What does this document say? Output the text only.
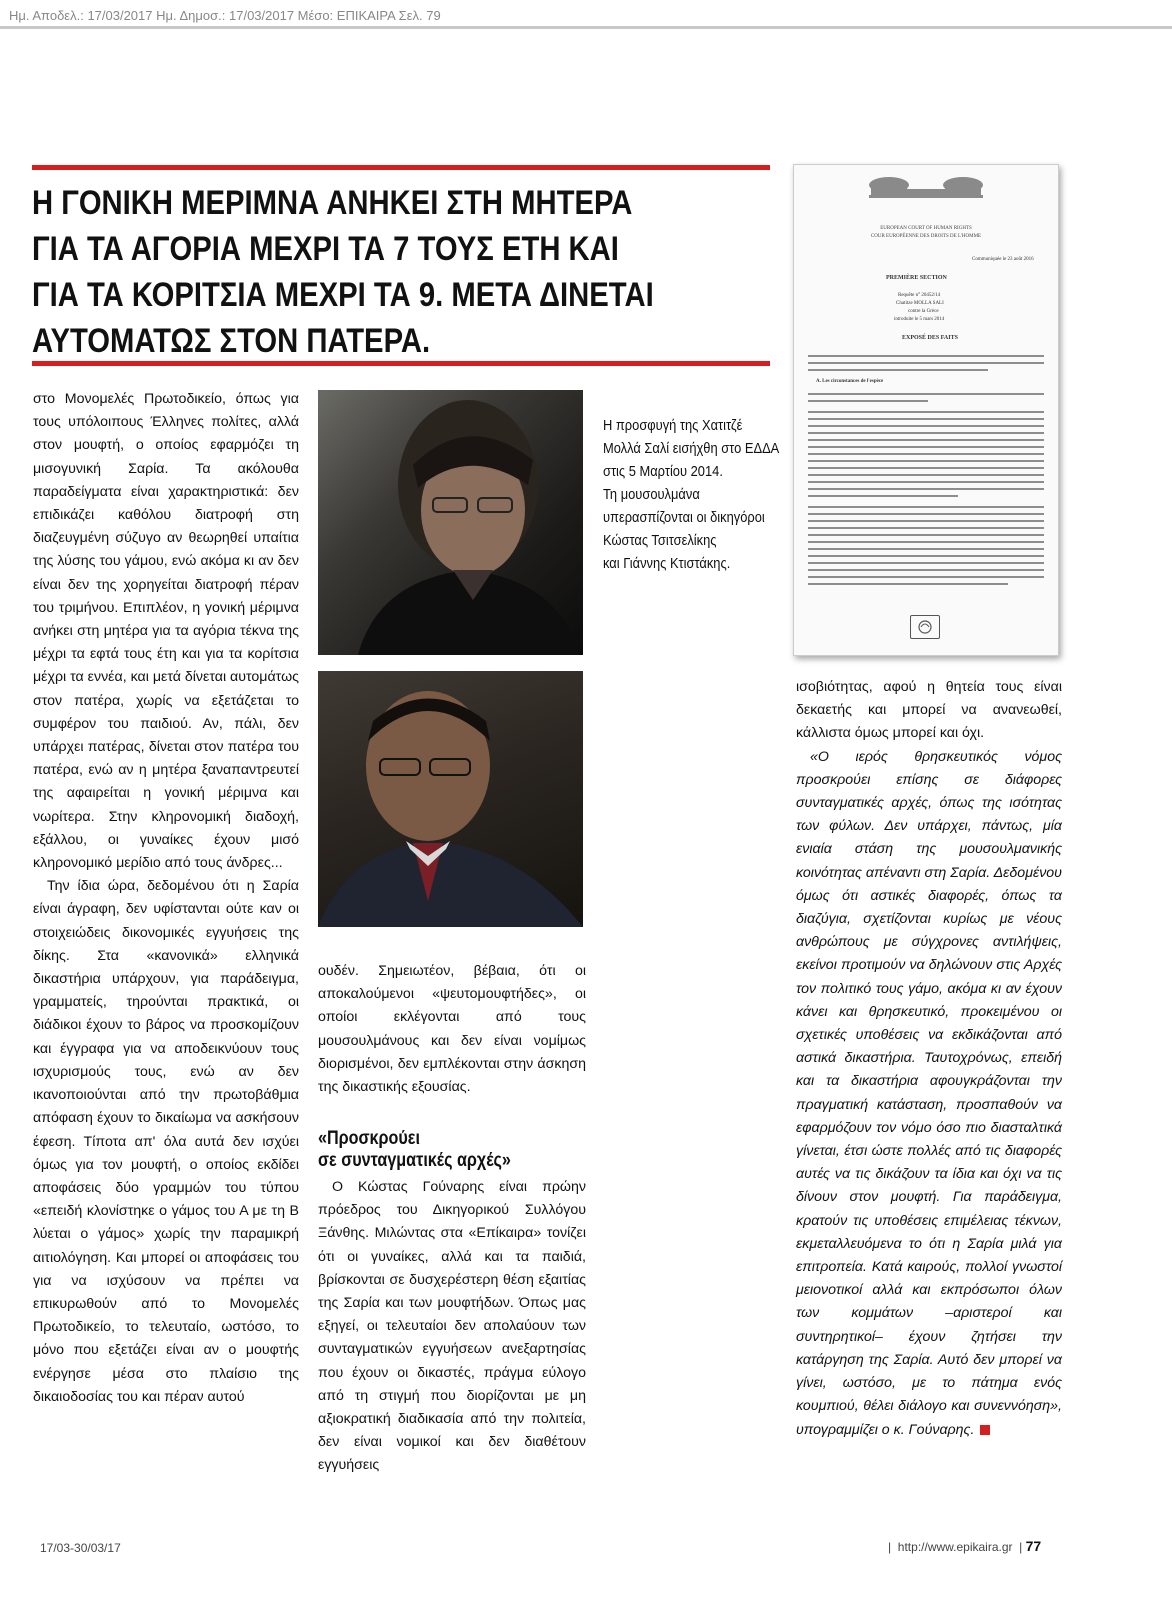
Ημ. Αποδελ.: 17/03/2017 Ημ. Δημοσ.: 17/03/2017 Μέσο: ΕΠΙΚΑΙΡΑ Σελ. 79
Η ΓΟΝΙΚΗ ΜΕΡΙΜΝΑ ΑΝΗΚΕΙ ΣΤΗ ΜΗΤΕΡΑ
ΓΙΑ ΤΑ ΑΓΟΡΙΑ ΜΕΧΡΙ ΤΑ 7 ΤΟΥΣ ΕΤΗ ΚΑΙ
ΓΙΑ ΤΑ ΚΟΡΙΤΣΙΑ ΜΕΧΡΙ ΤΑ 9. ΜΕΤΑ ΔΙΝΕΤΑΙ
ΑΥΤΟΜΑΤΩΣ ΣΤΟΝ ΠΑΤΕΡΑ.

στο Μονομελές Πρωτοδικείο, όπως για τους υπόλοιπους Έλληνες πολίτες, αλλά στον μουφτή, ο οποίος εφαρμόζει τη μισογυνική Σαρία. Τα ακόλουθα παραδείγματα είναι χαρακτηριστικά: δεν επιδικάζει καθόλου διατροφή στη διαζευγμένη σύζυγο αν θεωρηθεί υπαίτια της λύσης του γάμου, ενώ ακόμα κι αν δεν είναι δεν της χορηγείται διατροφή πέραν του τριμήνου. Επιπλέον, η γονική μέριμνα ανήκει στη μητέρα για τα αγόρια τέκνα της μέχρι τα εφτά τους έτη και για τα κορίτσια μέχρι τα εννέα, και μετά δίνεται αυτομάτως στον πατέρα, χωρίς να εξετάζεται το συμφέρον του παιδιού. Αν, πάλι, δεν υπάρχει πατέρας, δίνεται στον πατέρα του πατέρα, ενώ αν η μητέρα ξαναπαντρευτεί της αφαιρείται η γονική μέριμνα και νωρίτερα. Στην κληρονομική διαδοχή, εξάλλου, οι γυναίκες έχουν μισό κληρονομικό μερίδιο από τους άνδρες...

Την ίδια ώρα, δεδομένου ότι η Σαρία είναι άγραφη, δεν υφίστανται ούτε καν οι στοιχειώδεις δικονομικές εγγυήσεις της δίκης. Στα «κανονικά» ελληνικά δικαστήρια υπάρχουν, για παράδειγμα, γραμματείς, τηρούνται πρακτικά, οι διάδικοι έχουν το βάρος να προσκομίζουν και έγγραφα για να αποδεικνύουν τους ισχυρισμούς τους, ενώ αν δεν ικανοποιούνται από την πρωτοβάθμια απόφαση έχουν το δικαίωμα να ασκήσουν έφεση. Τίποτα απ' όλα αυτά δεν ισχύει όμως για τον μουφτή, ο οποίος εκδίδει αποφάσεις δύο γραμμών του τύπου «επειδή κλονίστηκε ο γάμος του Α με τη Β λύεται ο γάμος» χωρίς την παραμικρή αιτιολόγηση. Και μπορεί οι αποφάσεις του για να ισχύσουν να πρέπει να επικυρωθούν από το Μονομελές Πρωτοδικείο, το τελευταίο, ωστόσο, το μόνο που εξετάζει είναι αν ο μουφτής ενέργησε μέσα στο πλαίσιο της δικαιοδοσίας του και πέραν αυτού

Η προσφυγή της Χατιτζέ
Μολλά Σαλί εισήχθη στο ΕΔΔΑ
στις 5 Μαρτίου 2014.
Τη μουσουλμάνα
υπερασπίζονται οι δικηγόροι
Κώστας Τσιτσελίκης
και Γιάννης Κτιστάκης.
EUROPEAN COURT OF HUMAN RIGHTS
COUR EUROPÉENNE DES DROITS DE L'HOMME
Communiquée le 23 août 2016
PREMIÈRE SECTION
Requête n° 20452/14
Chatitze MOLLA SALI
contre la Grèce
introduite le 5 mars 2014
EXPOSÉ DES FAITS
A. Les circonstances de l'espèce

ουδέν. Σημειωτέον, βέβαια, ότι οι αποκαλούμενοι «ψευτομουφτήδες», οι οποίοι εκλέγονται από τους μουσουλμάνους και δεν είναι νομίμως διορισμένοι, δεν εμπλέκονται στην άσκηση της δικαστικής εξουσίας.

«Προσκρούει
σε συνταγματικές αρχές»

Ο Κώστας Γούναρης είναι πρώην πρόεδρος του Δικηγορικού Συλλόγου Ξάνθης. Μιλώντας στα «Επίκαιρα» τονίζει ότι οι γυναίκες, αλλά και τα παιδιά, βρίσκονται σε δυσχερέστερη θέση εξαιτίας της Σαρία και των μουφτήδων. Όπως μας εξηγεί, οι τελευταίοι δεν απολαύουν των συνταγματικών εγγυήσεων ανεξαρτησίας που έχουν οι δικαστές, πράγμα εύλογο από τη στιγμή που διορίζονται με μη αξιοκρατική διαδικασία από την πολιτεία, δεν είναι νομικοί και δεν διαθέτουν εγγυήσεις

ισοβιότητας, αφού η θητεία τους είναι δεκαετής και μπορεί να ανανεωθεί, κάλλιστα όμως μπορεί και όχι.

«Ο ιερός θρησκευτικός νόμος προσκρούει επίσης σε διάφορες συνταγματικές αρχές, όπως της ισότητας των φύλων. Δεν υπάρχει, πάντως, μία ενιαία στάση της μουσουλμανικής κοινότητας απέναντι στη Σαρία. Δεδομένου όμως ότι αστικές διαφορές, όπως τα διαζύγια, σχετίζονται κυρίως με νέους ανθρώπους με σύγχρονες αντιλήψεις, εκείνοι προτιμούν να δηλώνουν στις Αρχές τον πολιτικό τους γάμο, ακόμα κι αν έχουν κάνει και θρησκευτικό, προκειμένου οι σχετικές υποθέσεις να εκδικάζονται από αστικά δικαστήρια. Ταυτοχρόνως, επειδή και τα δικαστήρια αφουγκράζονται την πραγματική κατάσταση, προσπαθούν να εφαρμόζουν τον νόμο όσο πιο διασταλτικά γίνεται, έτσι ώστε πολλές από τις διαφορές αυτές να τις δικάζουν τα ίδια και όχι να τις δίνουν στον μουφτή. Για παράδειγμα, κρατούν τις υποθέσεις επιμέλειας τέκνων, εκμεταλλευόμενα το ότι η Σαρία μιλά για επιτροπεία. Κατά καιρούς, πολλοί γνωστοί μειονοτικοί αλλά και εκπρόσωποι όλων των κομμάτων –αριστεροί και συντηρητικοί– έχουν ζητήσει την κατάργηση της Σαρία. Αυτό δεν μπορεί να γίνει, ωστόσο, με το πάτημα ενός κουμπιού, θέλει διάλογο και συνεννόηση», υπογραμμίζει ο κ. Γούναρης.

17/03-30/03/17	|  http://www.epikaira.gr  | 77
